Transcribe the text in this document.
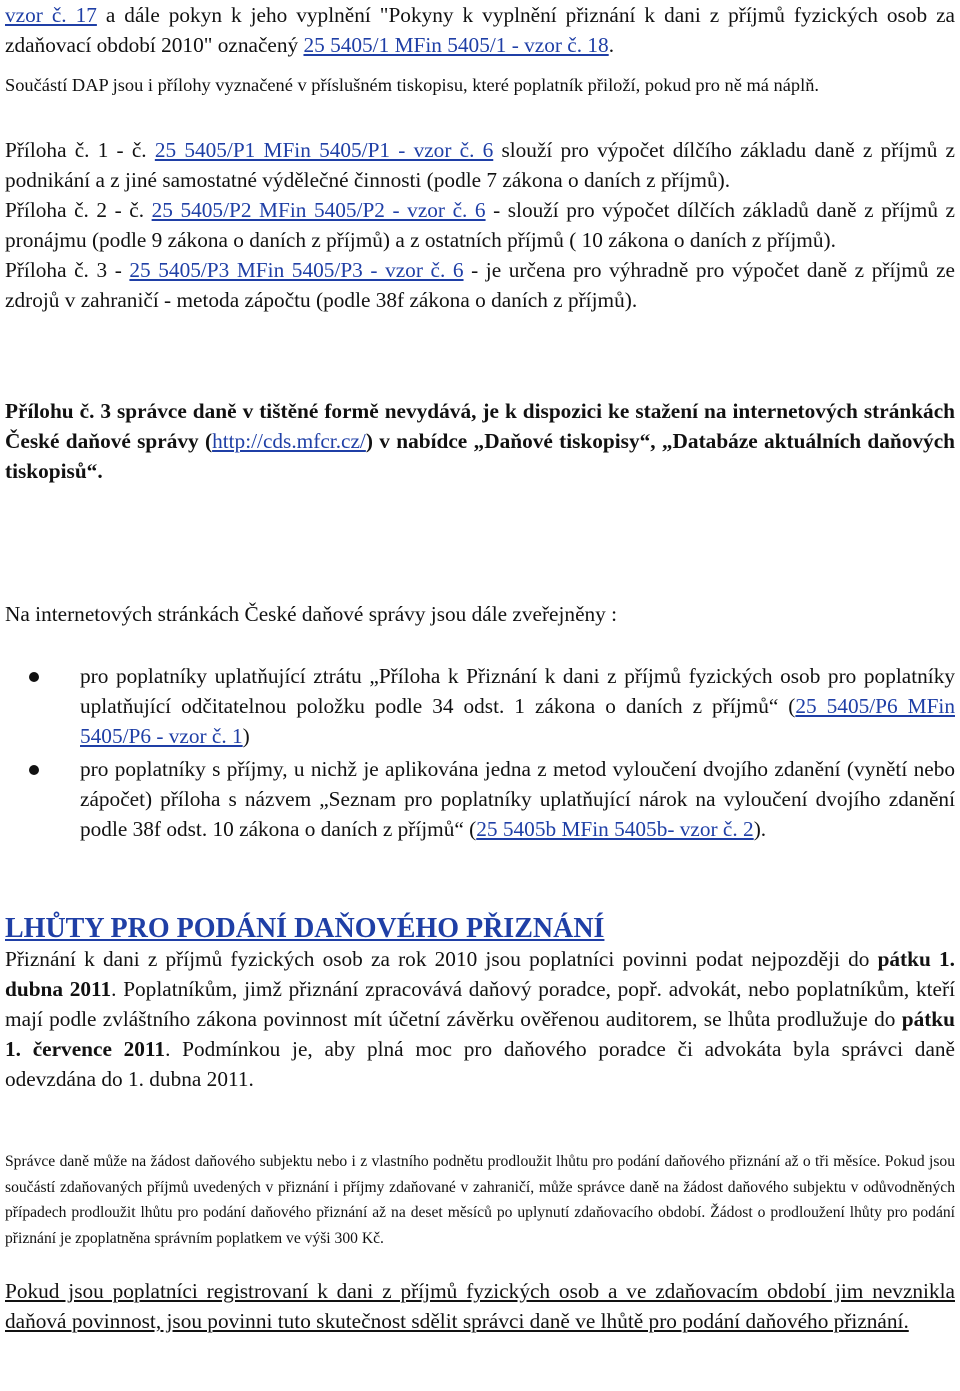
vzor č. 17 a dále pokyn k jeho vyplnění "Pokyny k vyplnění přiznání k dani z příjmů fyzických osob za zdaňovací období 2010" označený 25 5405/1 MFin 5405/1 - vzor č. 18.

Součástí DAP jsou i přílohy vyznačené v příslušném tiskopisu, které poplatník přiloží, pokud pro ně má náplň.

Příloha č. 1 - č. 25 5405/P1 MFin 5405/P1 - vzor č. 6 slouží pro výpočet dílčího základu daně z příjmů z podnikání a z jiné samostatné výdělečné činnosti (podle 7 zákona o daních z příjmů).

Příloha č. 2 - č. 25 5405/P2 MFin 5405/P2 - vzor č. 6 - slouží pro výpočet dílčích základů daně z příjmů z pronájmu (podle 9 zákona o daních z příjmů) a z ostatních příjmů ( 10 zákona o daních z příjmů).

Příloha č. 3 - 25 5405/P3 MFin 5405/P3 - vzor č. 6 - je určena pro výhradně pro výpočet daně z příjmů ze zdrojů v zahraničí - metoda zápočtu (podle 38f zákona o daních z příjmů).

Přílohu č. 3 správce daně v tištěné formě nevydává, je k dispozici ke stažení na internetových stránkách České daňové správy (http://cds.mfcr.cz/) v nabídce „Daňové tiskopisy“, „Databáze aktuálních daňových tiskopisů“.

Na internetových stránkách České daňové správy jsou dále zveřejněny :

pro poplatníky uplatňující ztrátu „Příloha k Přiznání k dani z příjmů fyzických osob pro poplatníky uplatňující odčitatelnou položku podle 34 odst. 1 zákona o daních z příjmů“ (25 5405/P6 MFin 5405/P6 - vzor č. 1)
pro poplatníky s příjmy, u nichž je aplikována jedna z metod vyloučení dvojího zdanění (vynětí nebo zápočet) příloha s názvem „Seznam pro poplatníky uplatňující nárok na vyloučení dvojího zdanění podle 38f odst. 10 zákona o daních z příjmů“ (25 5405b MFin 5405b- vzor č. 2).
LHŮTY PRO PODÁNÍ DAŇOVÉHO PŘIZNÁNÍ

Přiznání k dani z příjmů fyzických osob za rok 2010 jsou poplatníci povinni podat nejpozději do pátku 1. dubna 2011. Poplatníkům, jimž přiznání zpracovává daňový poradce, popř. advokát, nebo poplatníkům, kteří mají podle zvláštního zákona povinnost mít účetní závěrku ověřenou auditorem, se lhůta prodlužuje do pátku 1. července 2011. Podmínkou je, aby plná moc pro daňového poradce či advokáta byla správci daně odevzdána do 1. dubna 2011.

Správce daně může na žádost daňového subjektu nebo i z vlastního podnětu prodloužit lhůtu pro podání daňového přiznání až o tři měsíce. Pokud jsou součástí zdaňovaných příjmů uvedených v přiznání i příjmy zdaňované v zahraničí, může správce daně na žádost daňového subjektu v odůvodněných případech prodloužit lhůtu pro podání daňového přiznání až na deset měsíců po uplynutí zdaňovacího období. Žádost o prodloužení lhůty pro podání přiznání je zpoplatněna správním poplatkem ve výši 300 Kč.

Pokud jsou poplatníci registrovaní k dani z příjmů fyzických osob a ve zdaňovacím období jim nevznikla daňová povinnost, jsou povinni tuto skutečnost sdělit správci daně ve lhůtě pro podání daňového přiznání.
